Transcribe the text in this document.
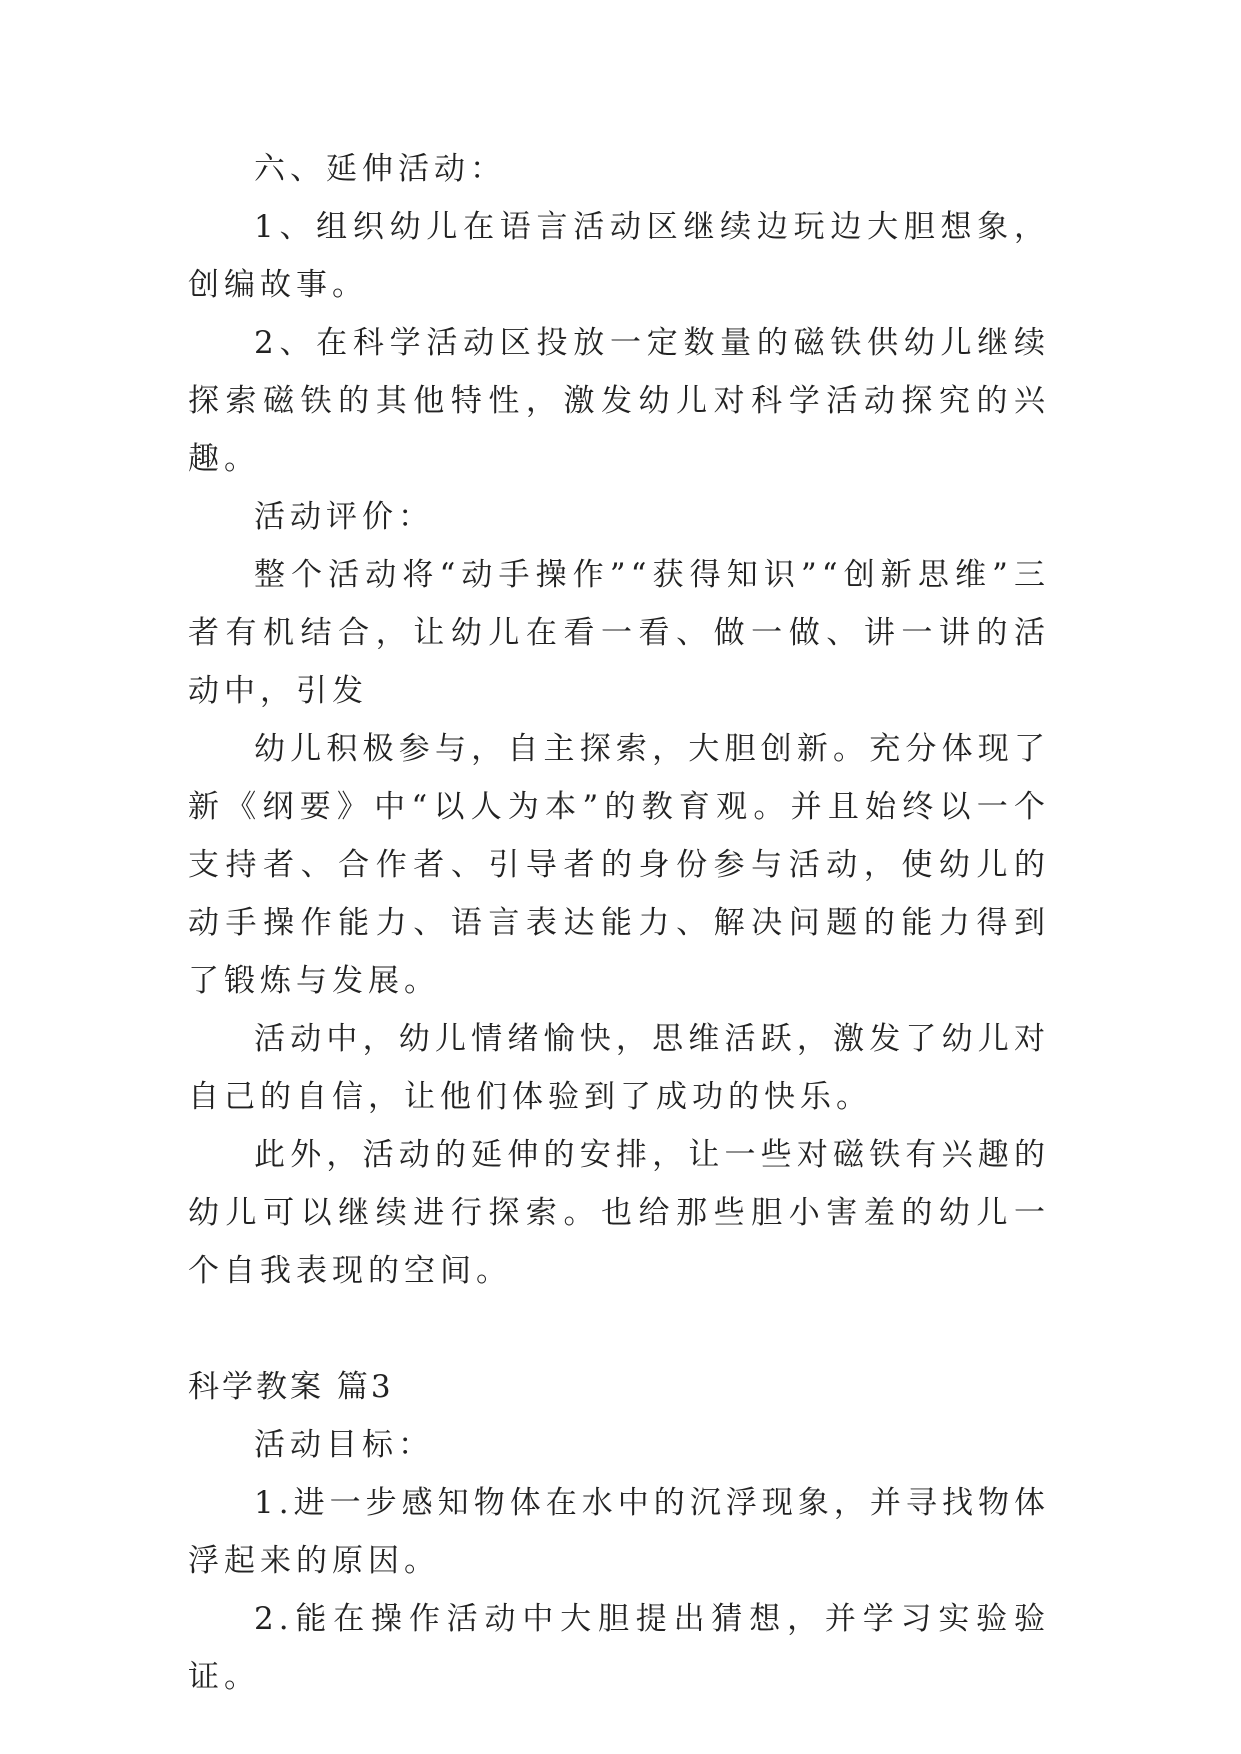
六、延伸活动：

1、组织幼儿在语言活动区继续边玩边大胆想象，创编故事。

2、在科学活动区投放一定数量的磁铁供幼儿继续探索磁铁的其他特性，激发幼儿对科学活动探究的兴趣。

活动评价：

整个活动将“动手操作”“获得知识”“创新思维”三者有机结合，让幼儿在看一看、做一做、讲一讲的活动中，引发

幼儿积极参与，自主探索，大胆创新。充分体现了新《纲要》中“以人为本”的教育观。并且始终以一个支持者、合作者、引导者的身份参与活动，使幼儿的动手操作能力、语言表达能力、解决问题的能力得到了锻炼与发展。

活动中，幼儿情绪愉快，思维活跃，激发了幼儿对自己的自信，让他们体验到了成功的快乐。

此外，活动的延伸的安排，让一些对磁铁有兴趣的幼儿可以继续进行探索。也给那些胆小害羞的幼儿一个自我表现的空间。

科学教案 篇3

活动目标：

1.进一步感知物体在水中的沉浮现象，并寻找物体浮起来的原因。

2.能在操作活动中大胆提出猜想，并学习实验验证。
